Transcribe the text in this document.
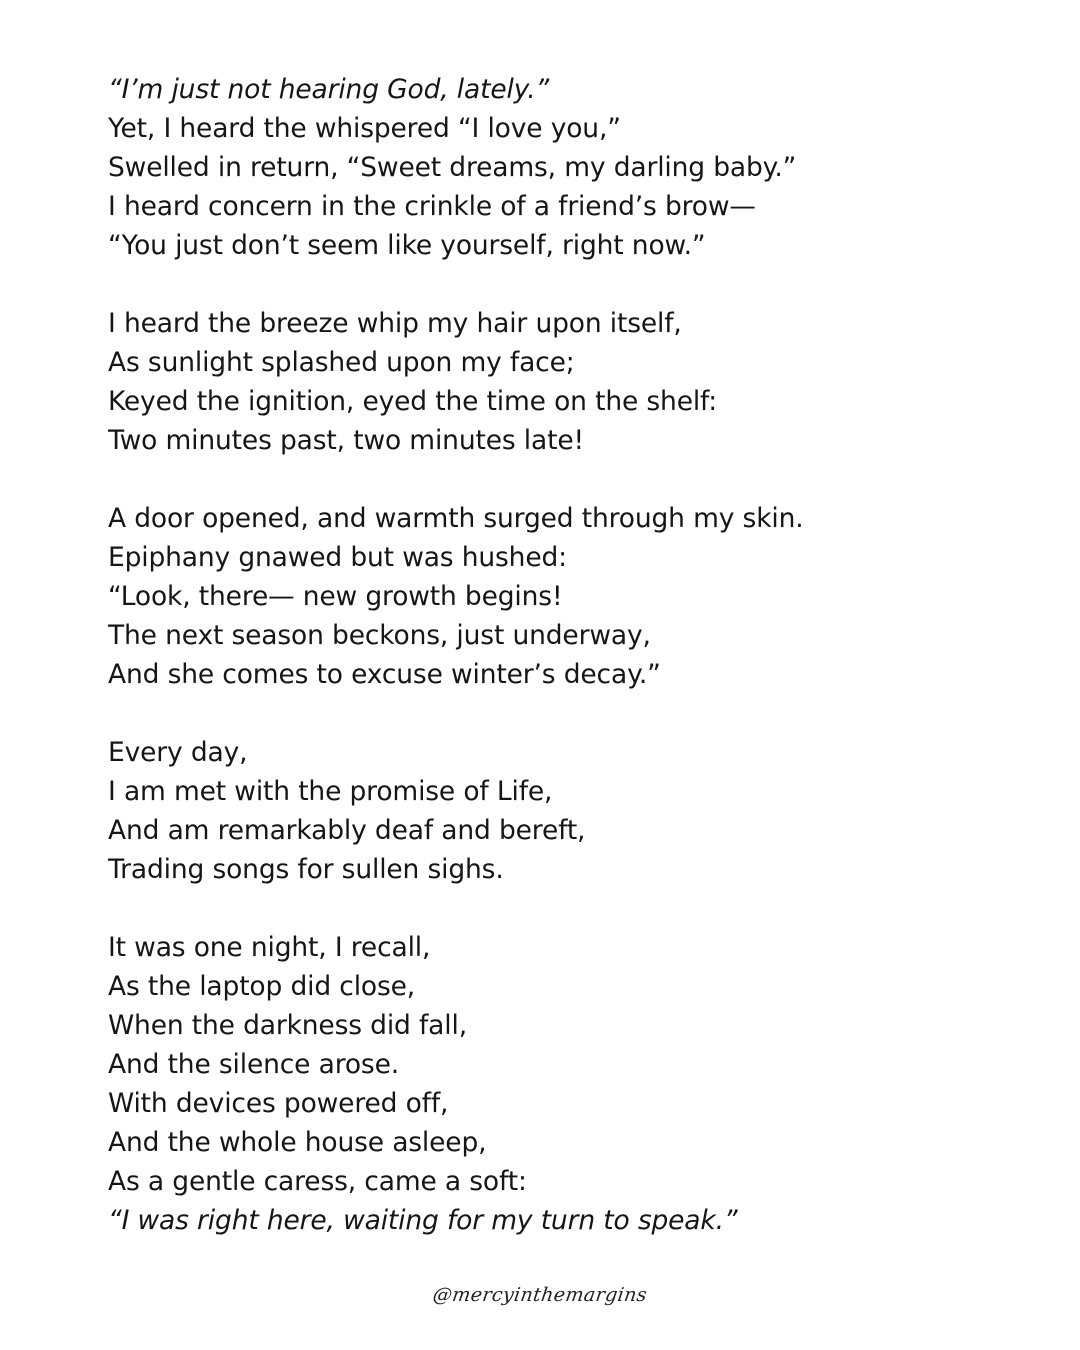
“I’m just not hearing God, lately.”
Yet, I heard the whispered “I love you,”
Swelled in return, “Sweet dreams, my darling baby.”
I heard concern in the crinkle of a friend’s brow—
“You just don’t seem like yourself, right now.”
I heard the breeze whip my hair upon itself,
As sunlight splashed upon my face;
Keyed the ignition, eyed the time on the shelf:
Two minutes past, two minutes late!
A door opened, and warmth surged through my skin.
Epiphany gnawed but was hushed:
“Look, there— new growth begins!
The next season beckons, just underway,
And she comes to excuse winter’s decay.”
Every day,
I am met with the promise of Life,
And am remarkably deaf and bereft,
Trading songs for sullen sighs.
It was one night, I recall,
As the laptop did close,
When the darkness did fall,
And the silence arose.
With devices powered off,
And the whole house asleep,
As a gentle caress, came a soft:
“I was right here, waiting for my turn to speak.”
@mercyinthemargins
